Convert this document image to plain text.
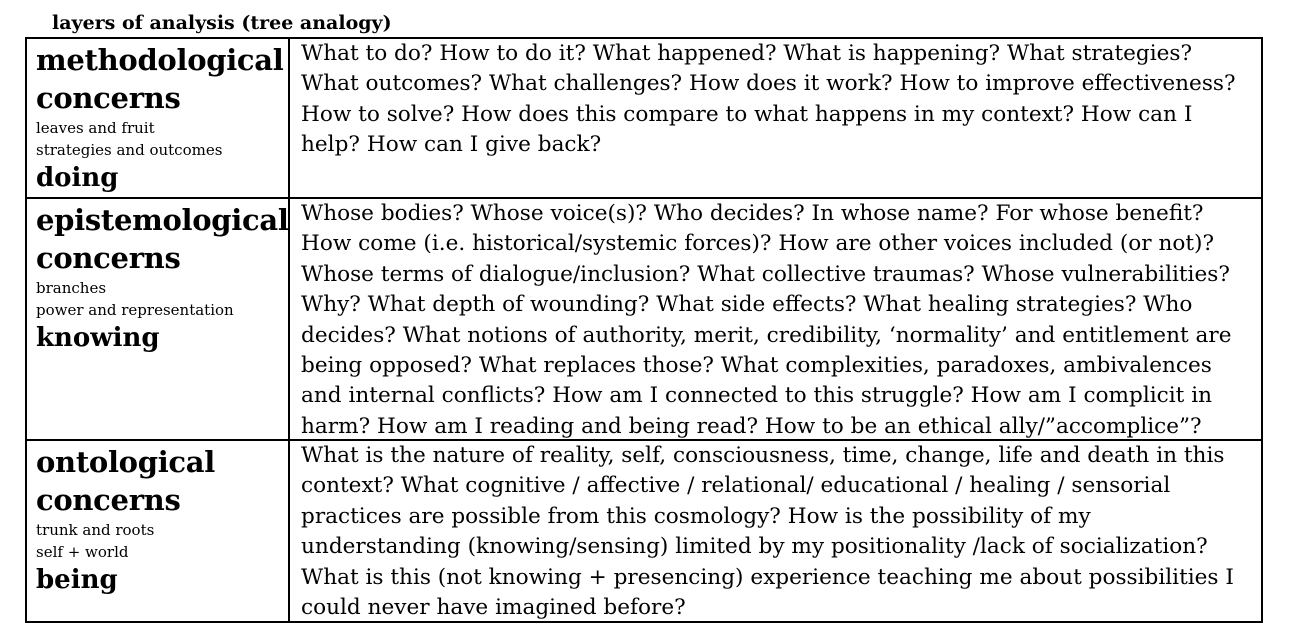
layers of analysis (tree analogy)
methodological
concerns
leaves and fruit
strategies and outcomes
doing
What to do? How to do it? What happened? What is happening? What strategies?
What outcomes? What challenges? How does it work? How to improve effectiveness?
How to solve? How does this compare to what happens in my context? How can I
help? How can I give back?
epistemological
concerns
branches
power and representation
knowing
Whose bodies? Whose voice(s)? Who decides? In whose name? For whose benefit?
How come (i.e. historical/systemic forces)? How are other voices included (or not)?
Whose terms of dialogue/inclusion? What collective traumas? Whose vulnerabilities?
Why? What depth of wounding? What side effects? What healing strategies? Who
decides? What notions of authority, merit, credibility, ‘normality’ and entitlement are
being opposed? What replaces those? What complexities, paradoxes, ambivalences
and internal conflicts? How am I connected to this struggle? How am I complicit in
harm? How am I reading and being read? How to be an ethical ally/”accomplice”?
ontological
concerns
trunk and roots
self + world
being
What is the nature of reality, self, consciousness, time, change, life and death in this
context? What cognitive / affective / relational/ educational / healing / sensorial
practices are possible from this cosmology? How is the possibility of my
understanding (knowing/sensing) limited by my positionality /lack of socialization?
What is this (not knowing + presencing) experience teaching me about possibilities I
could never have imagined before?
